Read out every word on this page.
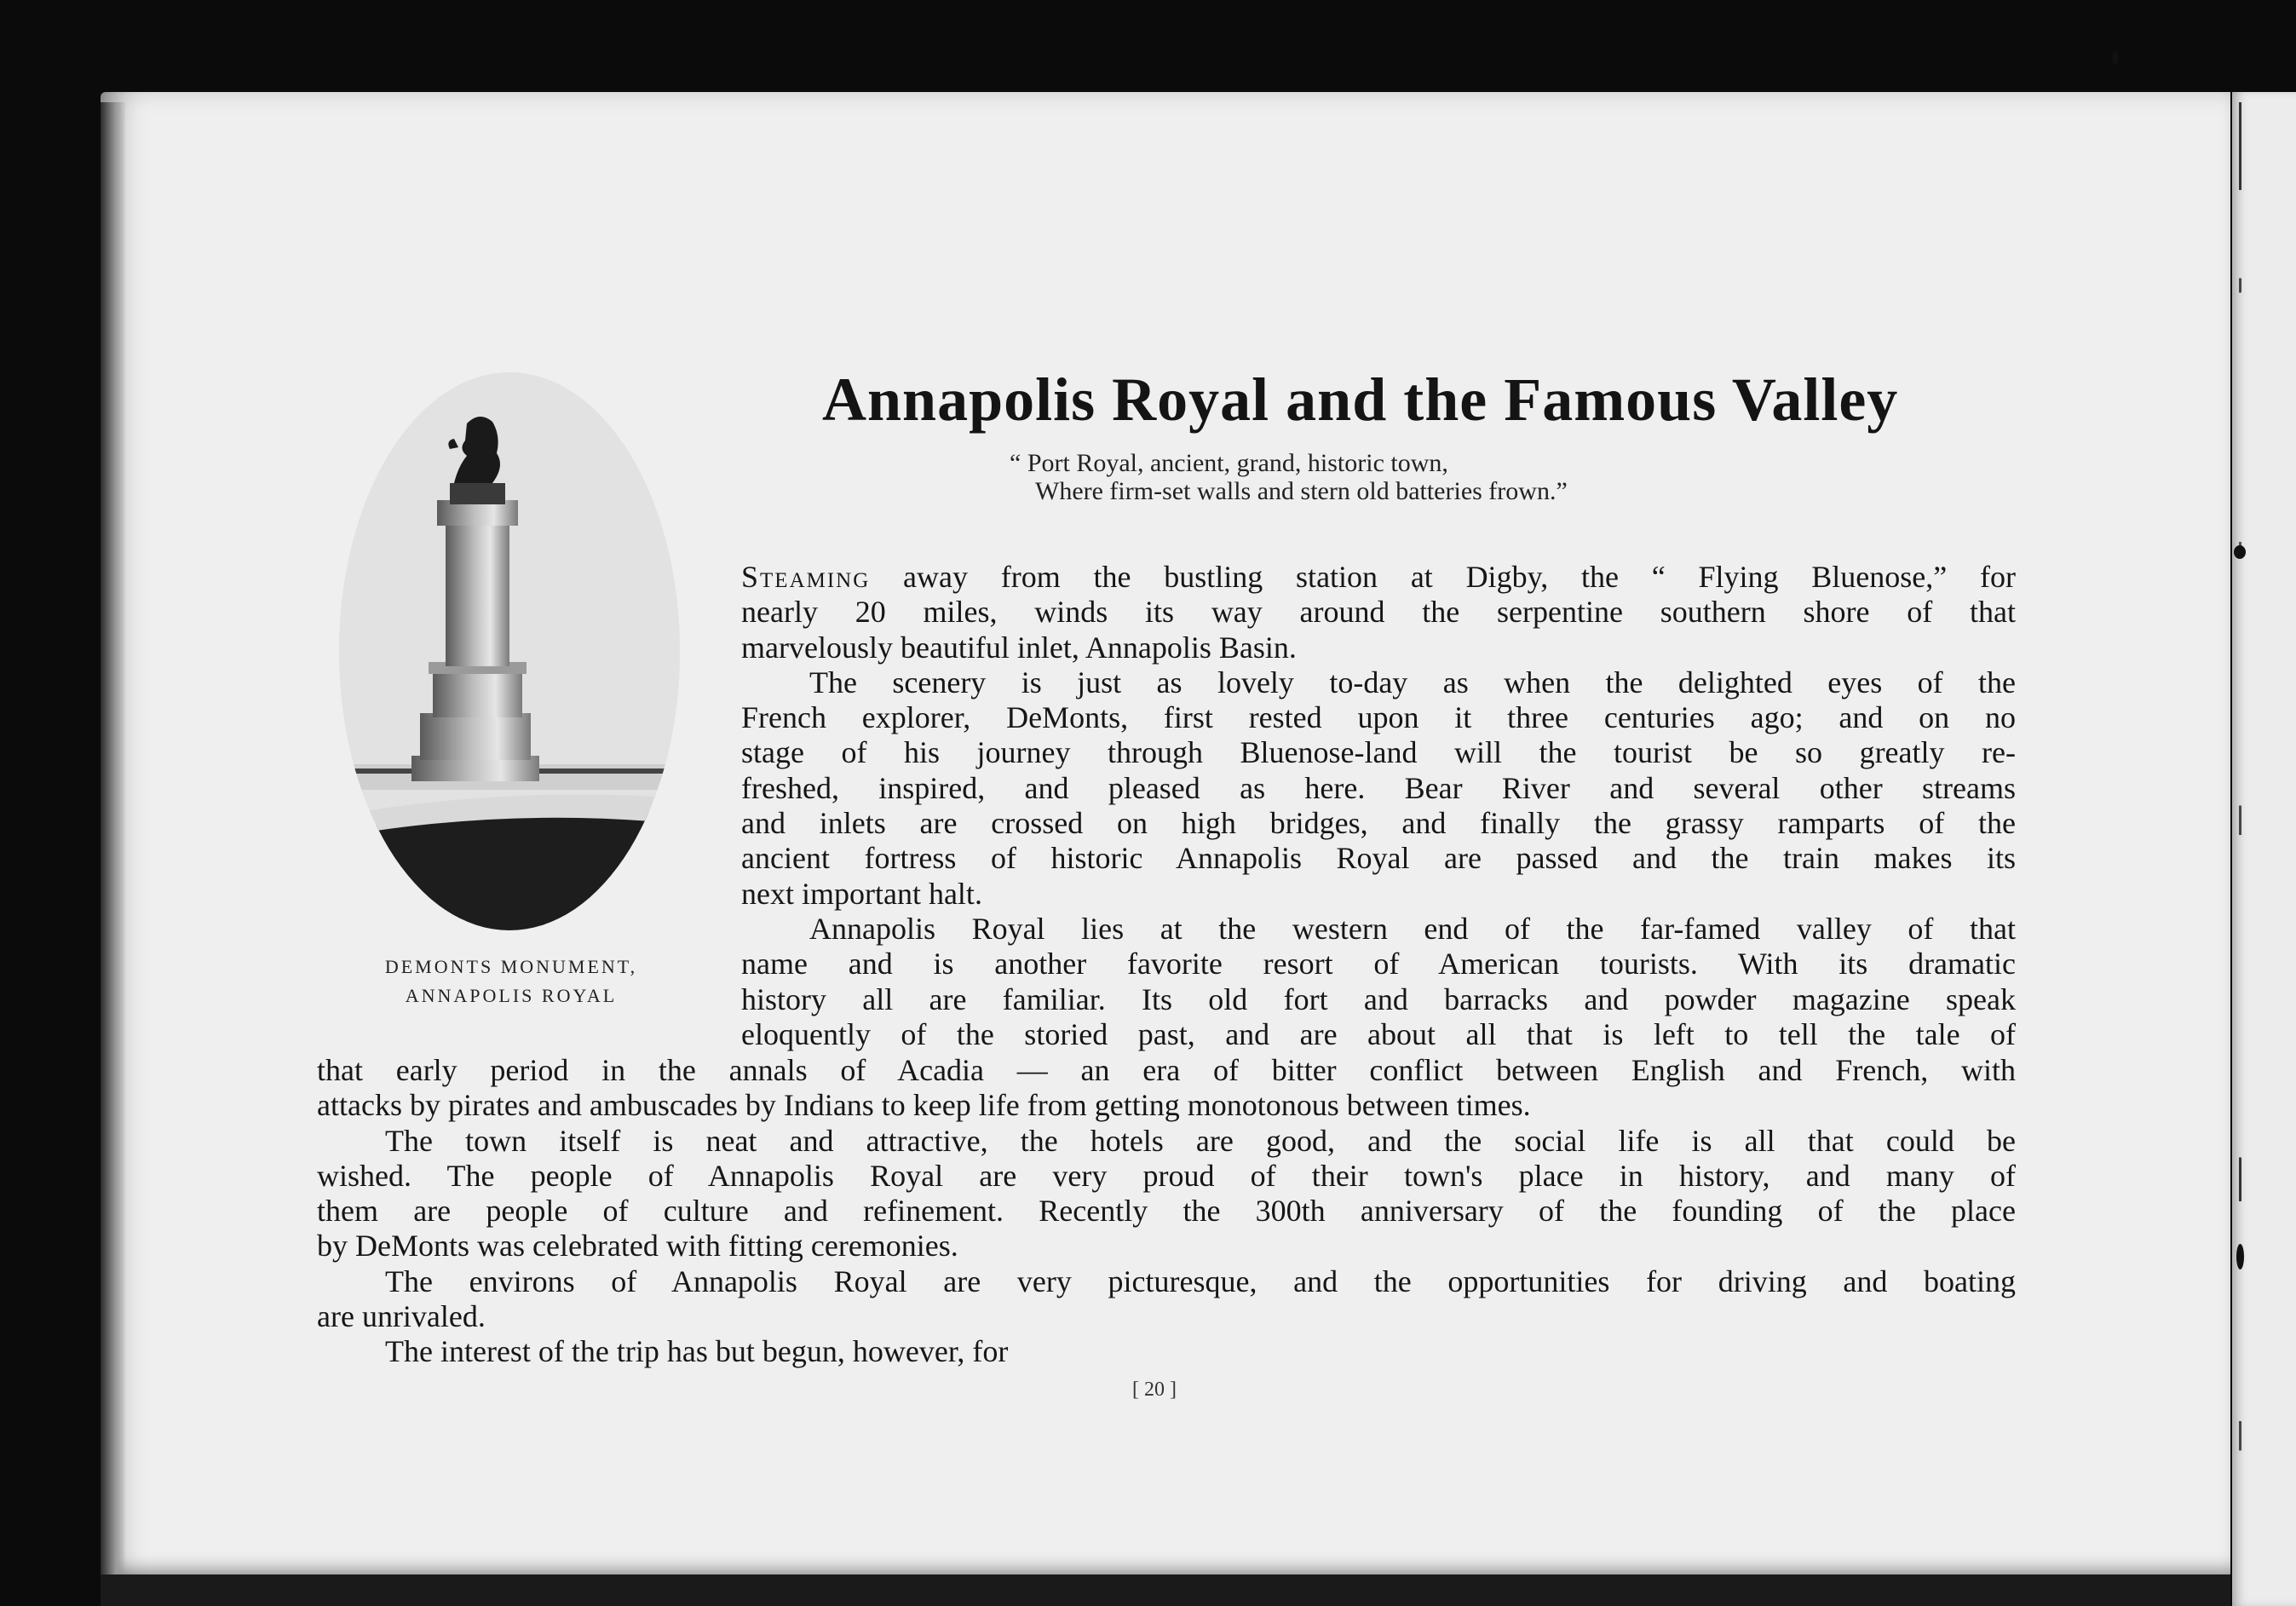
Annapolis Royal and the Famous Valley
“ Port Royal, ancient, grand, historic town,
Where firm-set walls and stern old batteries frown.”
DEMONTS MONUMENT,
ANNAPOLIS ROYAL
Steaming away from the bustling station at Digby, the “ Flying Bluenose,” for
nearly 20 miles, winds its way around the serpentine southern shore of that
marvelously beautiful inlet, Annapolis Basin.
The scenery is just as lovely to-day as when the delighted eyes of the
French explorer, DeMonts, first rested upon it three centuries ago; and on no
stage of his journey through Bluenose-land will the tourist be so greatly re-
freshed, inspired, and pleased as here. Bear River and several other streams
and inlets are crossed on high bridges, and finally the grassy ramparts of the
ancient fortress of historic Annapolis Royal are passed and the train makes its
next important halt.
Annapolis Royal lies at the western end of the far-famed valley of that
name and is another favorite resort of American tourists. With its dramatic
history all are familiar. Its old fort and barracks and powder magazine speak
eloquently of the storied past, and are about all that is left to tell the tale of
that early period in the annals of Acadia — an era of bitter conflict between English and French, with
attacks by pirates and ambuscades by Indians to keep life from getting monotonous between times.
The town itself is neat and attractive, the hotels are good, and the social life is all that could be
wished. The people of Annapolis Royal are very proud of their town's place in history, and many of
them are people of culture and refinement. Recently the 300th anniversary of the founding of the place
by DeMonts was celebrated with fitting ceremonies.
The environs of Annapolis Royal are very picturesque, and the opportunities for driving and boating
are unrivaled.
The interest of the trip has but begun, however, for
[ 20 ]
